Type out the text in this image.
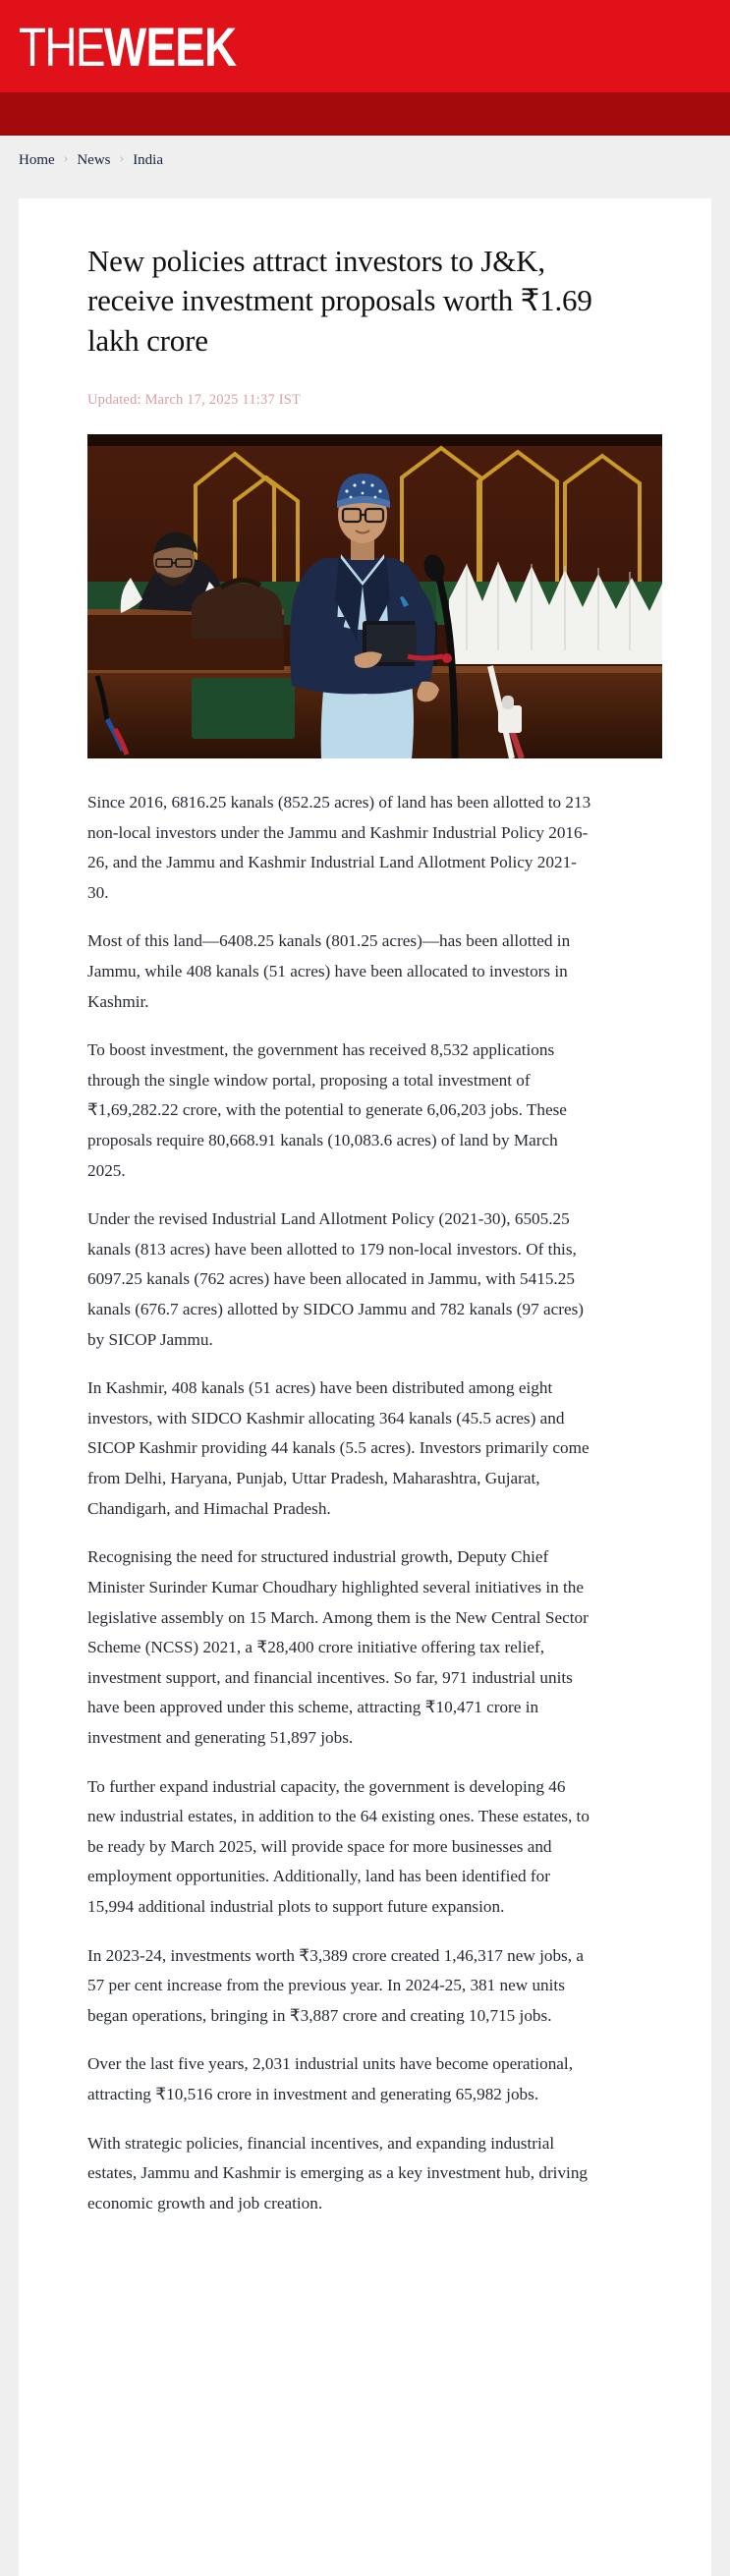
THEWEEK
Home › News › India
New policies attract investors to J&K, receive investment proposals worth ₹1.69 lakh crore
Updated: March 17, 2025 11:37 IST

Since 2016, 6816.25 kanals (852.25 acres) of land has been allotted to 213 non-local investors under the Jammu and Kashmir Industrial Policy 2016-26, and the Jammu and Kashmir Industrial Land Allotment Policy 2021-30.

Most of this land—6408.25 kanals (801.25 acres)—has been allotted in Jammu, while 408 kanals (51 acres) have been allocated to investors in Kashmir.

To boost investment, the government has received 8,532 applications through the single window portal, proposing a total investment of ₹1,69,282.22 crore, with the potential to generate 6,06,203 jobs. These proposals require 80,668.91 kanals (10,083.6 acres) of land by March 2025.

Under the revised Industrial Land Allotment Policy (2021-30), 6505.25 kanals (813 acres) have been allotted to 179 non-local investors. Of this, 6097.25 kanals (762 acres) have been allocated in Jammu, with 5415.25 kanals (676.7 acres) allotted by SIDCO Jammu and 782 kanals (97 acres) by SICOP Jammu.

In Kashmir, 408 kanals (51 acres) have been distributed among eight investors, with SIDCO Kashmir allocating 364 kanals (45.5 acres) and SICOP Kashmir providing 44 kanals (5.5 acres). Investors primarily come from Delhi, Haryana, Punjab, Uttar Pradesh, Maharashtra, Gujarat, Chandigarh, and Himachal Pradesh.

Recognising the need for structured industrial growth, Deputy Chief Minister Surinder Kumar Choudhary highlighted several initiatives in the legislative assembly on 15 March. Among them is the New Central Sector Scheme (NCSS) 2021, a ₹28,400 crore initiative offering tax relief, investment support, and financial incentives. So far, 971 industrial units have been approved under this scheme, attracting ₹10,471 crore in investment and generating 51,897 jobs.

To further expand industrial capacity, the government is developing 46 new industrial estates, in addition to the 64 existing ones. These estates, to be ready by March 2025, will provide space for more businesses and employment opportunities. Additionally, land has been identified for 15,994 additional industrial plots to support future expansion.

In 2023-24, investments worth ₹3,389 crore created 1,46,317 new jobs, a 57 per cent increase from the previous year. In 2024-25, 381 new units began operations, bringing in ₹3,887 crore and creating 10,715 jobs.

Over the last five years, 2,031 industrial units have become operational, attracting ₹10,516 crore in investment and generating 65,982 jobs.

With strategic policies, financial incentives, and expanding industrial estates, Jammu and Kashmir is emerging as a key investment hub, driving economic growth and job creation.
